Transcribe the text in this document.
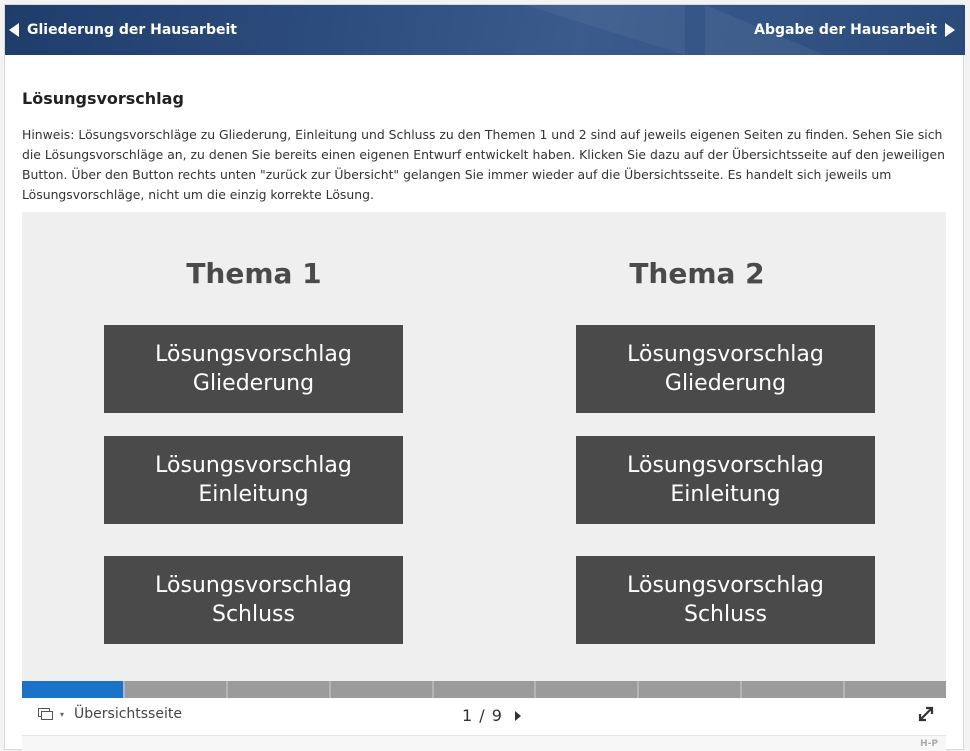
Gliederung der Hausarbeit	Abgabe der Hausarbeit
Lösungsvorschlag
Hinweis: Lösungsvorschläge zu Gliederung, Einleitung und Schluss zu den Themen 1 und 2 sind auf jeweils eigenen Seiten zu finden. Sehen Sie sich die Lösungsvorschläge an, zu denen Sie bereits einen eigenen Entwurf entwickelt haben. Klicken Sie dazu auf der Übersichtsseite auf den jeweiligen Button. Über den Button rechts unten "zurück zur Übersicht" gelangen Sie immer wieder auf die Übersichtsseite. Es handelt sich jeweils um Lösungsvorschläge, nicht um die einzig korrekte Lösung.
Thema 1	Thema 2
Lösungsvorschlag
Gliederung
Lösungsvorschlag
Einleitung
Lösungsvorschlag
Schluss
Lösungsvorschlag
Gliederung
Lösungsvorschlag
Einleitung
Lösungsvorschlag
Schluss
▾ Übersichtsseite	1 / 9
H-P
